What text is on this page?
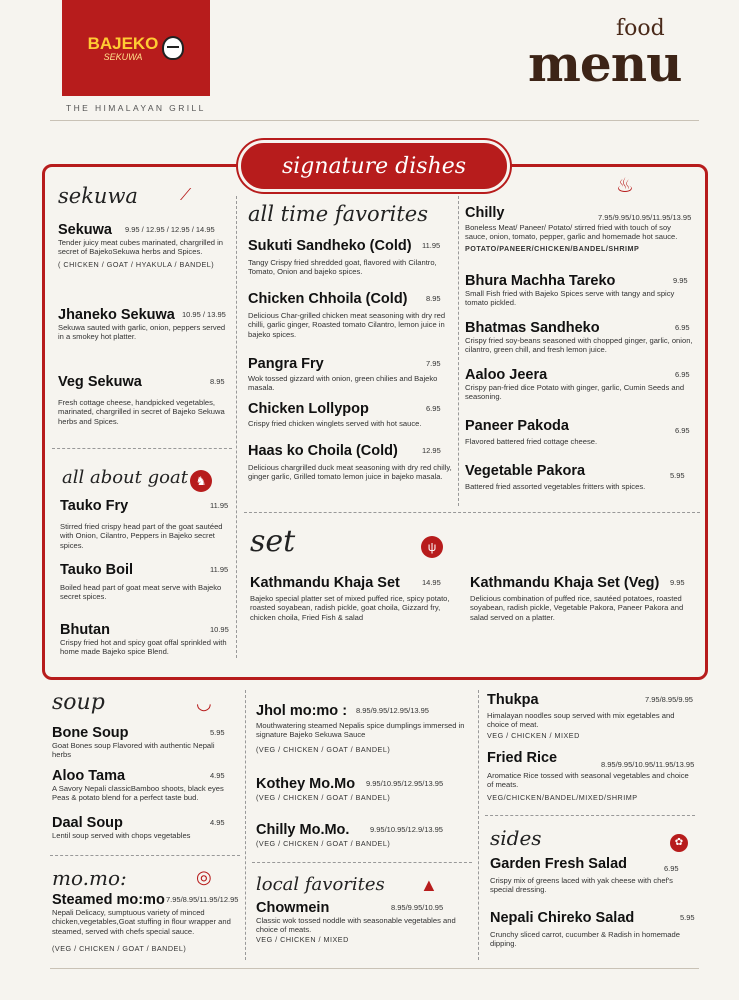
BAJEKO
SEKUWA
THE HIMALAYAN GRILL
food
menu
signature dishes
sekuwa	⟋
Sekuwa	9.95 / 12.95 / 12.95 / 14.95
Tender juicy meat cubes marinated, chargrilled in secret of BajekoSekuwa herbs and Spices.
( CHICKEN / GOAT / HYAKULA / BANDEL)
Jhaneko Sekuwa 10.95 / 13.95
Sekuwa sauted with garlic, onion, peppers served in a smokey hot platter.
Veg Sekuwa	8.95
Fresh cottage cheese, handpicked vegetables, marinated, chargrilled in secret of Bajeko Sekuwa herbs and Spices.
all about goat ♞
Tauko Fry	11.95
Stirred fried crispy head part of the goat sautéed with Onion, Cilantro, Peppers in Bajeko secret spices.
Tauko Boil	11.95
Boiled head part of goat meat serve with Bajeko secret spices.
Bhutan	10.95
Crispy fried hot and spicy goat offal sprinkled with home made Bajeko spice Blend.
all time favorites
Sukuti Sandheko (Cold)	11.95
Tangy Crispy fried shredded goat, flavored with Cilantro, Tomato, Onion and bajeko spices.
Chicken Chhoila (Cold)	8.95
Delicious Char-grilled chicken meat seasoning with dry red chilli, garlic ginger, Roasted tomato Cilantro, lemon juice in bajeko spices.
Pangra Fry	7.95
Wok tossed gizzard with onion, green chilies and Bajeko masala.
Chicken Lollypop	6.95
Crispy fried chicken winglets served with hot sauce.
Haas ko Choila (Cold)	12.95
Delicious chargrilled duck meat seasoning with dry red chilly, ginger garlic, Grilled tomato lemon juice in bajeko masala.
♨
Chilly	7.95/9.95/10.95/11.95/13.95
Boneless Meat/ Paneer/ Potato/ stirred fried with touch of soy sauce, onion, tomato, pepper, garlic and homemade hot sauce.
POTATO/PANEER/CHICKEN/BANDEL/SHRIMP
Bhura Machha Tareko	9.95
Small Fish fried with Bajeko Spices serve with tangy and spicy tomato pickled.
Bhatmas Sandheko	6.95
Crispy fried soy-beans seasoned with chopped ginger, garlic, onion, cilantro, green chill, and fresh lemon juice.
Aaloo Jeera	6.95
Crispy pan-fried dice Potato with ginger, garlic, Cumin Seeds and seasoning.
Paneer Pakoda	6.95
Flavored battered fried cottage cheese.
Vegetable Pakora	5.95
Battered fried assorted vegetables fritters with spices.
set	ψ
Kathmandu Khaja Set	14.95
Bajeko special platter set of mixed puffed rice, spicy potato, roasted soyabean, radish pickle, goat choila, Gizzard fry, chicken choila, Fried Fish & salad
Kathmandu Khaja Set (Veg)	9.95
Delicious combination of puffed rice, sautéed potatoes, roasted soyabean, radish pickle, Vegetable Pakora, Paneer Pakora and salad served on a platter.
soup	◡
Bone Soup	5.95
Goat Bones soup Flavored with authentic Nepali herbs
Aloo Tama	4.95
A Savory Nepali classicBamboo shoots, black eyes Peas & potato blend for a perfect taste bud.
Daal Soup	4.95
Lentil soup served with chops vegetables
mo.mo:	◎
Steamed mo:mo 7.95/8.95/11.95/12.95
Nepali Delicacy, sumptuous variety of minced chicken,vegetables,Goat stuffing in flour wrapper and steamed, served with chefs special sauce.
(VEG / CHICKEN / GOAT / BANDEL)
Jhol mo:mo :	8.95/9.95/12.95/13.95
Mouthwatering steamed Nepalis spice dumplings immersed in signature Bajeko Sekuwa Sauce
(VEG / CHICKEN / GOAT / BANDEL)
Kothey Mo.Mo	9.95/10.95/12.95/13.95
(VEG / CHICKEN / GOAT / BANDEL)
Chilly Mo.Mo.	9.95/10.95/12.9/13.95
(VEG / CHICKEN / GOAT / BANDEL)
local favorites ▲
Chowmein	8.95/9.95/10.95
Classic wok tossed noddle with seasonable vegetables and choice of meats.
VEG / CHICKEN / MIXED
Thukpa	7.95/8.95/9.95
Himalayan noodles soup served with mix egetables and choice of meat.
VEG / CHICKEN / MIXED
Fried Rice	8.95/9.95/10.95/11.95/13.95
Aromatice Rice tossed with seasonal vegetables and choice of meats.
VEG/CHICKEN/BANDEL/MIXED/SHRIMP
sides	✿
Garden Fresh Salad	6.95
Crispy mix of greens laced with yak cheese with chef's special dressing.
Nepali Chireko Salad	5.95
Crunchy sliced carrot, cucumber & Radish in homemade dipping.
